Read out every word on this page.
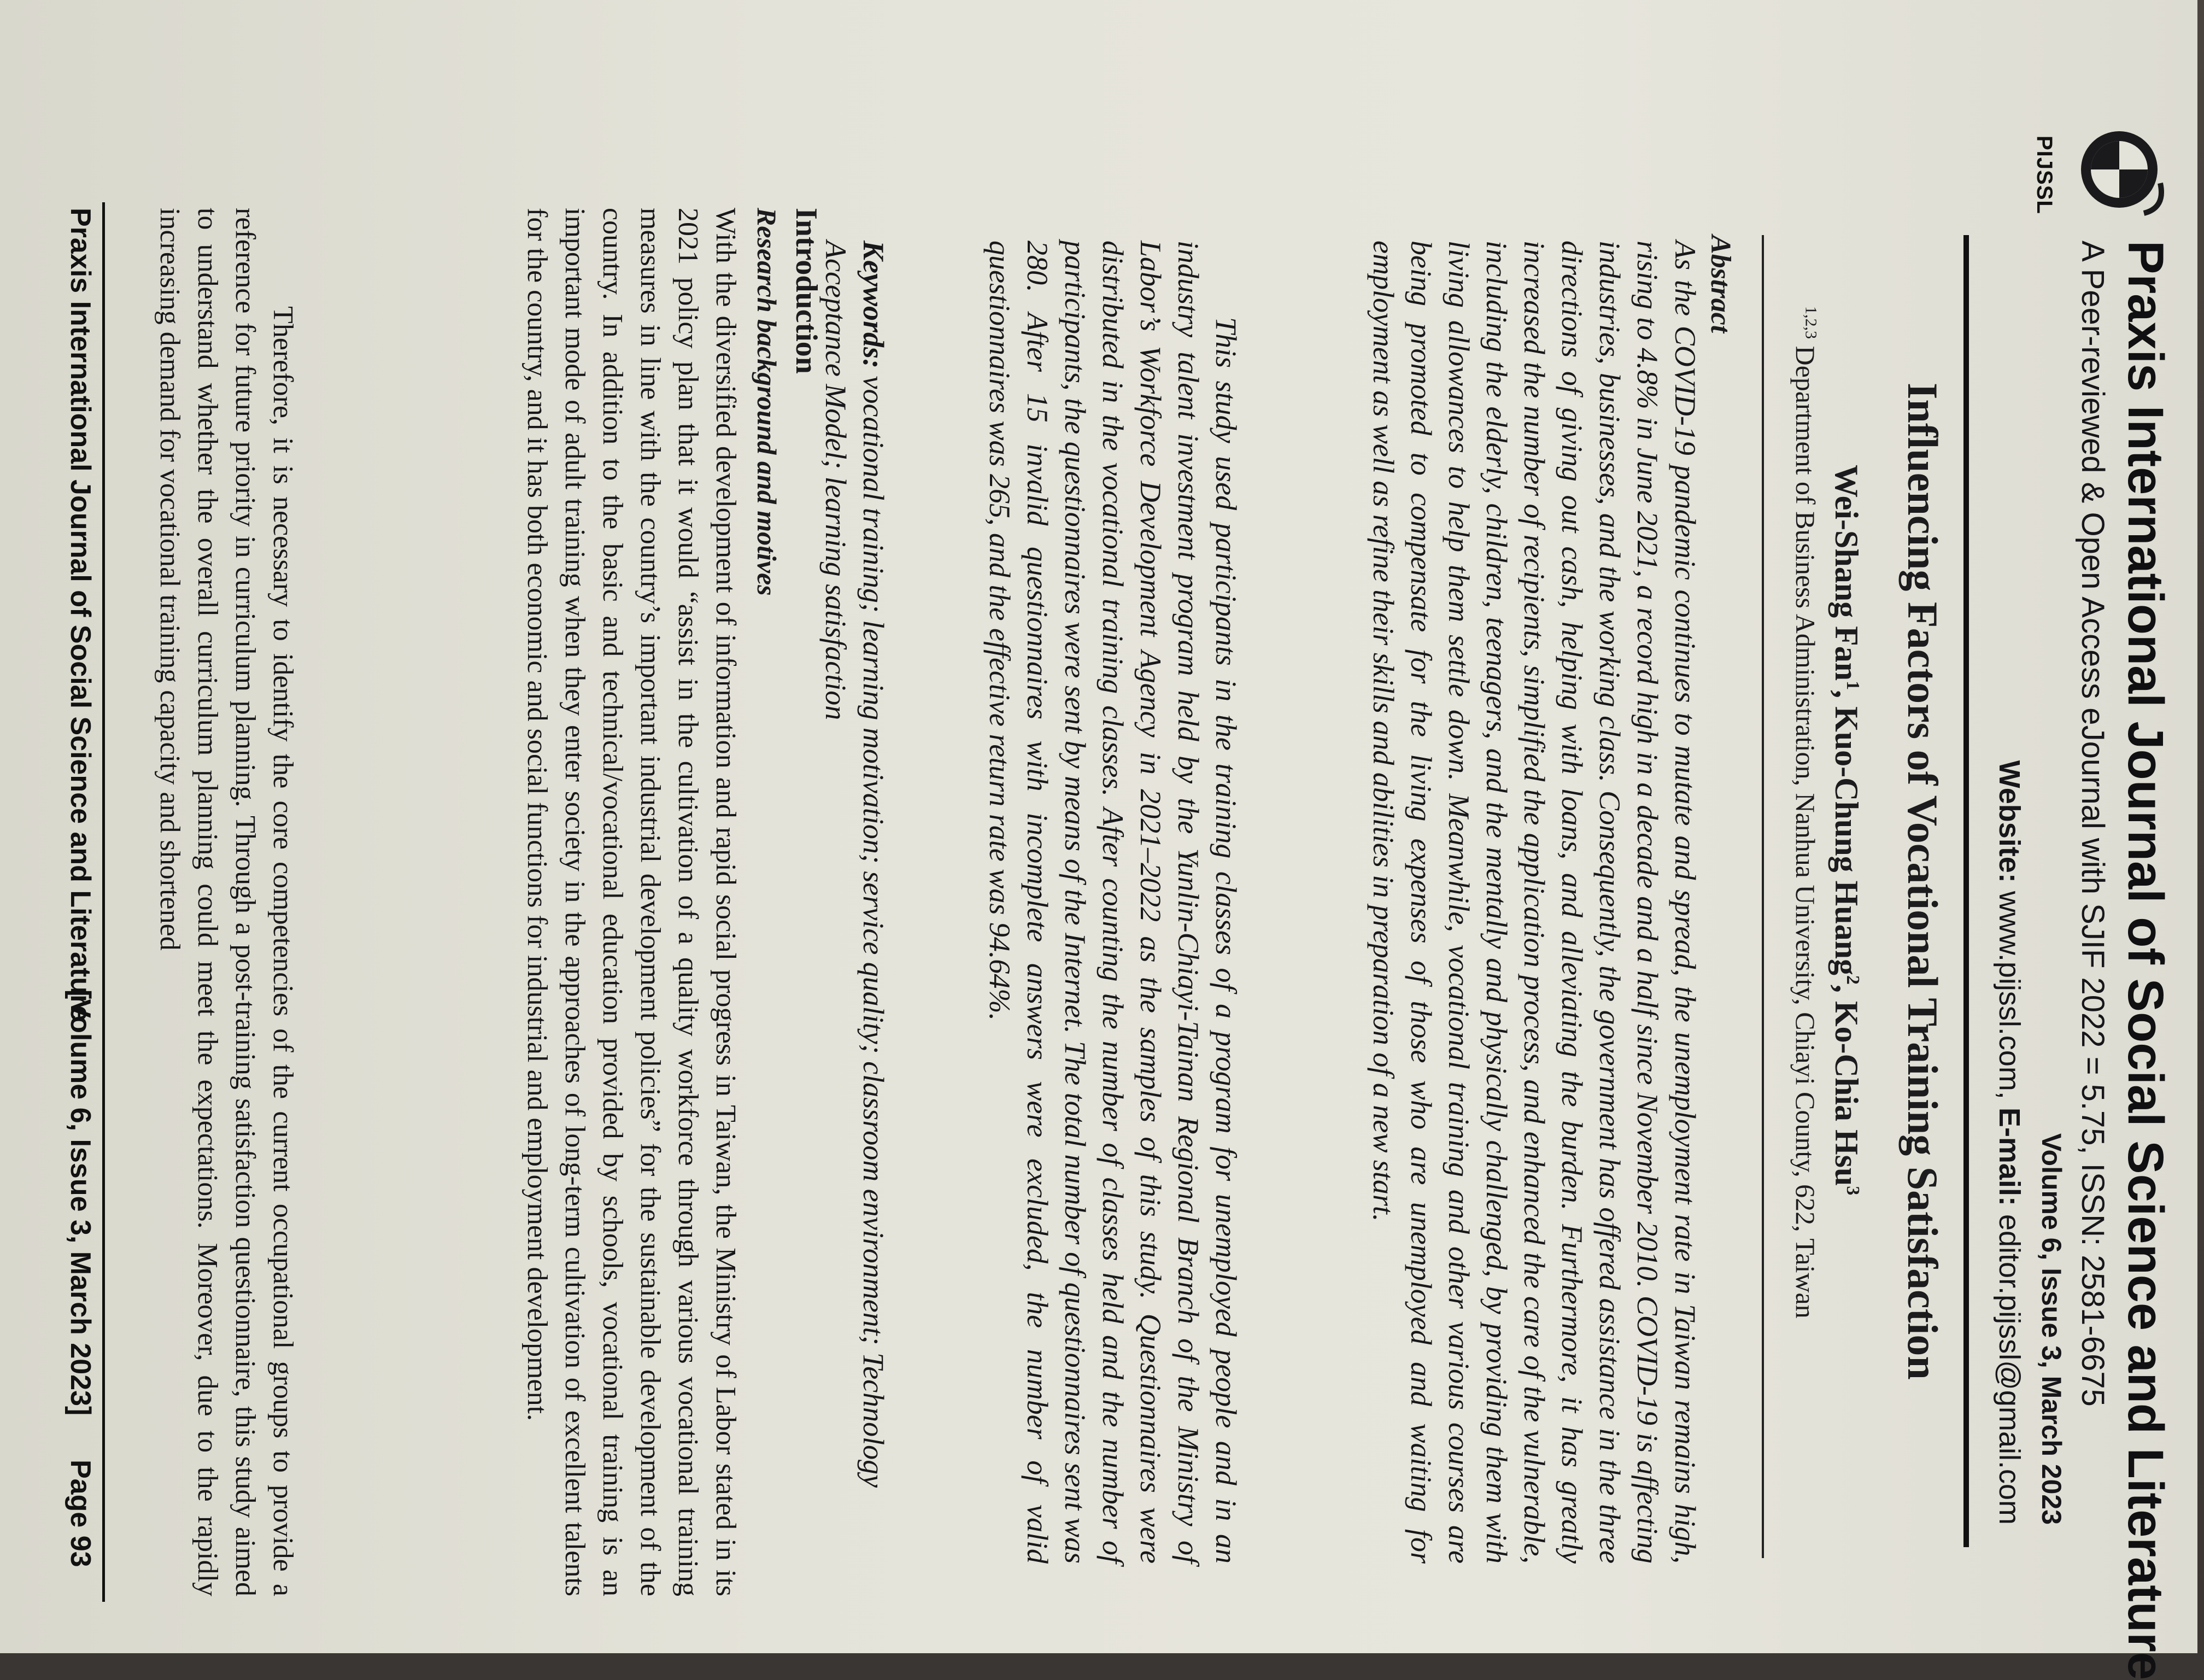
PIJSSL
Praxis International Journal of Social Science and Literature
A Peer-reviewed & Open Access eJournal with SJIF 2022 = 5.75, ISSN: 2581-6675
Volume 6, Issue 3, March 2023
Website: www.pijssl.com, E-mail: editor.pijssl@gmail.com
Influencing Factors of Vocational Training Satisfaction
Wei-Shang Fan$^1$, Kuo-Chung Huang$^2$, Ko-Chia Hsu$^3$
$^{1,2,3}$ Department of Business Administration, Nanhua University, Chiayi County, 622, Taiwan
Abstract
As the COVID-19 pandemic continues to mutate and spread, the unemployment rate in Taiwan remains high, rising to 4.8% in June 2021, a record high in a decade and a half since November 2010. COVID-19 is affecting industries, businesses, and the working class. Consequently, the government has offered assistance in the three directions of giving out cash, helping with loans, and alleviating the burden. Furthermore, it has greatly increased the number of recipients, simplified the application process, and enhanced the care of the vulnerable, including the elderly, children, teenagers, and the mentally and physically challenged, by providing them with living allowances to help them settle down. Meanwhile, vocational training and other various courses are being promoted to compensate for the living expenses of those who are unemployed and waiting for employment as well as refine their skills and abilities in preparation of a new start.
This study used participants in the training classes of a program for unemployed people and in an industry talent investment program held by the Yunlin-Chiayi-Tainan Regional Branch of the Ministry of Labor’s Workforce Development Agency in 2021–2022 as the samples of this study. Questionnaires were distributed in the vocational training classes. After counting the number of classes held and the number of participants, the questionnaires were sent by means of the Internet. The total number of questionnaires sent was 280. After 15 invalid questionnaires with incomplete answers were excluded, the number of valid questionnaires was 265, and the effective return rate was 94.64%.
Keywords: vocational training; learning motivation; service quality; classroom environment; Technology Acceptance Model; learning satisfaction
Introduction
Research background and motives
With the diversified development of information and rapid social progress in Taiwan, the Ministry of Labor stated in its 2021 policy plan that it would “assist in the cultivation of a quality workforce through various vocational training measures in line with the country’s important industrial development policies” for the sustainable development of the country. In addition to the basic and technical/vocational education provided by schools, vocational training is an important mode of adult training when they enter society in the approaches of long-term cultivation of excellent talents for the country, and it has both economic and social functions for industrial and employment development.
Therefore, it is necessary to identify the core competencies of the current occupational groups to provide a reference for future priority in curriculum planning. Through a post-training satisfaction questionnaire, this study aimed to understand whether the overall curriculum planning could meet the expectations. Moreover, due to the rapidly increasing demand for vocational training capacity and shortened
Praxis International Journal of Social Science and Literature
[Volume 6, Issue 3, March 2023]
Page 93
